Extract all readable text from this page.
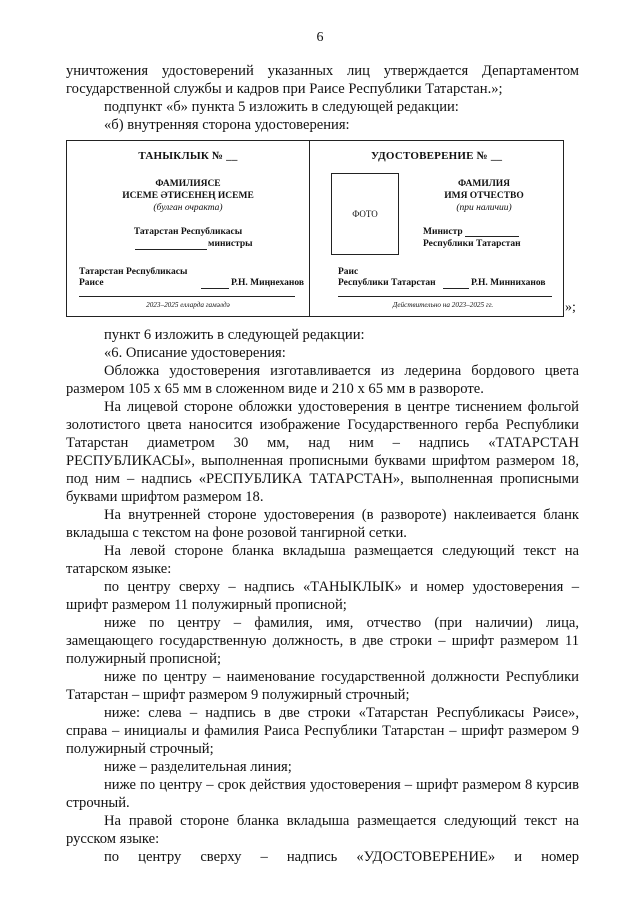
6

уничтожения удостоверений указанных лиц утверждается Департаментом государственной службы и кадров при Раисе Республики Татарстан.»;

подпункт «б» пункта 5 изложить в следующей редакции:

«б) внутренняя сторона удостоверения:

ТАНЫКЛЫК № __
ФАМИЛИЯСЕ
ИСЕМЕ ӘТИСЕНЕҢ ИСЕМЕ
(булган очракта)
Татарстан Республикасы
министры
Татарстан Республикасы
Раисе	Р.Н. Миңнеханов
2023–2025 елларда гамәлдә
УДОСТОВЕРЕНИЕ № __
ФОТО
ФАМИЛИЯ
ИМЯ ОТЧЕСТВО
(при наличии)
Министр
Республики Татарстан
Раис
Республики Татарстан	Р.Н. Минниханов
Действительно на 2023–2025 гг.	»;

пункт 6 изложить в следующей редакции:

«6. Описание удостоверения:

Обложка удостоверения изготавливается из ледерина бордового цвета размером 105 х 65 мм в сложенном виде и 210 х 65 мм в развороте.

На лицевой стороне обложки удостоверения в центре тиснением фольгой золотистого цвета наносится изображение Государственного герба Республики Татарстан диаметром 30 мм, над ним – надпись «ТАТАРСТАН РЕСПУБЛИКАСЫ», выполненная прописными буквами шрифтом размером 18, под ним – надпись «РЕСПУБЛИКА ТАТАРСТАН», выполненная прописными буквами шрифтом размером 18.

На внутренней стороне удостоверения (в развороте) наклеивается бланк вкладыша с текстом на фоне розовой тангирной сетки.

На левой стороне бланка вкладыша размещается следующий текст на татарском языке:

по центру сверху – надпись «ТАНЫКЛЫК» и номер удостоверения – шрифт размером 11 полужирный прописной;

ниже по центру – фамилия, имя, отчество (при наличии) лица, замещающего государственную должность, в две строки – шрифт размером 11 полужирный прописной;

ниже по центру – наименование государственной должности Республики Татарстан – шрифт размером 9 полужирный строчный;

ниже: слева – надпись в две строки «Татарстан Республикасы Рәисе», справа – инициалы и фамилия Раиса Республики Татарстан – шрифт размером 9 полужирный строчный;

ниже – разделительная линия;

ниже по центру – срок действия удостоверения – шрифт размером 8 курсив строчный.

На правой стороне бланка вкладыша размещается следующий текст на русском языке:

по центру сверху – надпись «УДОСТОВЕРЕНИЕ» и номер
